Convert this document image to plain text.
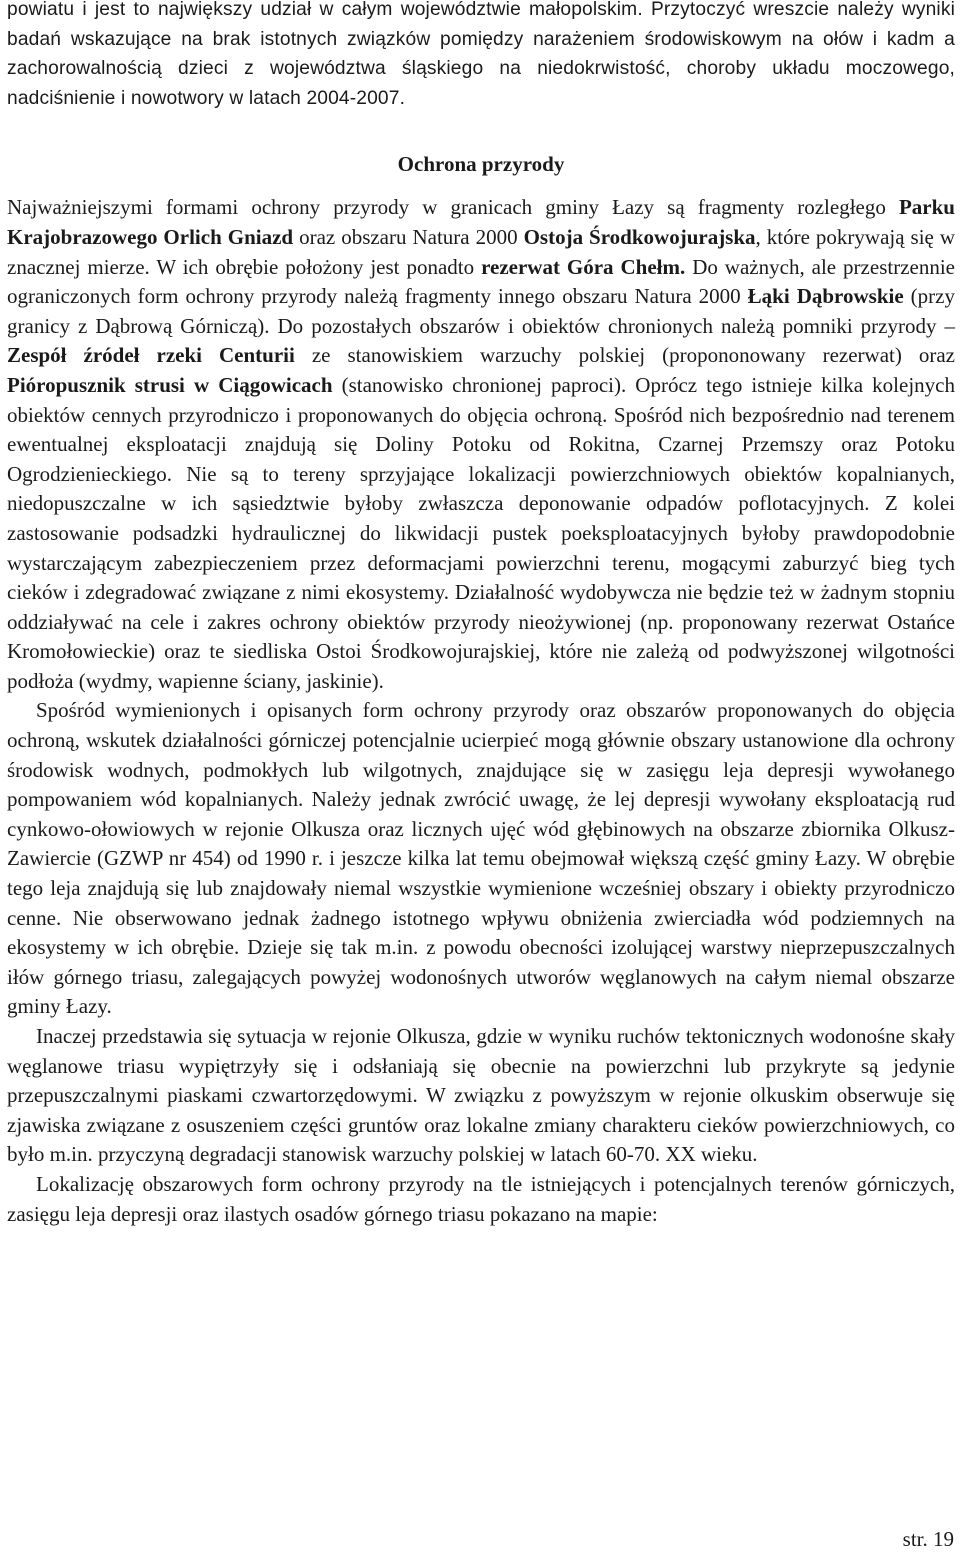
powiatu i jest to największy udział w całym województwie małopolskim. Przytoczyć wreszcie należy wyniki badań wskazujące na brak istotnych związków pomiędzy narażeniem środowiskowym na ołów i kadm a zachorowalnością dzieci z województwa śląskiego na niedokrwistość, choroby układu moczowego, nadciśnienie i nowotwory w latach 2004-2007.

Ochrona przyrody

Najważniejszymi formami ochrony przyrody w granicach gminy Łazy są fragmenty rozległego Parku Krajobrazowego Orlich Gniazd oraz obszaru Natura 2000 Ostoja Środkowojurajska, które pokrywają się w znacznej mierze. W ich obrębie położony jest ponadto rezerwat Góra Chełm. Do ważnych, ale przestrzennie ograniczonych form ochrony przyrody należą fragmenty innego obszaru Natura 2000 Łąki Dąbrowskie (przy granicy z Dąbrową Górniczą). Do pozostałych obszarów i obiektów chronionych należą pomniki przyrody – Zespół źródeł rzeki Centurii ze stanowiskiem warzuchy polskiej (propononowany rezerwat) oraz Pióropusznik strusi w Ciągowicach (stanowisko chronionej paproci). Oprócz tego istnieje kilka kolejnych obiektów cennych przyrodniczo i proponowanych do objęcia ochroną. Spośród nich bezpośrednio nad terenem ewentualnej eksploatacji znajdują się Doliny Potoku od Rokitna, Czarnej Przemszy oraz Potoku Ogrodzienieckiego. Nie są to tereny sprzyjające lokalizacji powierzchniowych obiektów kopalnianych, niedopuszczalne w ich sąsiedztwie byłoby zwłaszcza deponowanie odpadów poflotacyjnych. Z kolei zastosowanie podsadzki hydraulicznej do likwidacji pustek poeksploatacyjnych byłoby prawdopodobnie wystarczającym zabezpieczeniem przez deformacjami powierzchni terenu, mogącymi zaburzyć bieg tych cieków i zdegradować związane z nimi ekosystemy. Działalność wydobywcza nie będzie też w żadnym stopniu oddziaływać na cele i zakres ochrony obiektów przyrody nieożywionej (np. proponowany rezerwat Ostańce Kromołowieckie) oraz te siedliska Ostoi Środkowojurajskiej, które nie zależą od podwyższonej wilgotności podłoża (wydmy, wapienne ściany, jaskinie).

Spośród wymienionych i opisanych form ochrony przyrody oraz obszarów proponowanych do objęcia ochroną, wskutek działalności górniczej potencjalnie ucierpieć mogą głównie obszary ustanowione dla ochrony środowisk wodnych, podmokłych lub wilgotnych, znajdujące się w zasięgu leja depresji wywołanego pompowaniem wód kopalnianych. Należy jednak zwrócić uwagę, że lej depresji wywołany eksploatacją rud cynkowo-ołowiowych w rejonie Olkusza oraz licznych ujęć wód głębinowych na obszarze zbiornika Olkusz-Zawiercie (GZWP nr 454) od 1990 r. i jeszcze kilka lat temu obejmował większą część gminy Łazy. W obrębie tego leja znajdują się lub znajdowały niemal wszystkie wymienione wcześniej obszary i obiekty przyrodniczo cenne. Nie obserwowano jednak żadnego istotnego wpływu obniżenia zwierciadła wód podziemnych na ekosystemy w ich obrębie. Dzieje się tak m.in. z powodu obecności izolującej warstwy nieprzepuszczalnych iłów górnego triasu, zalegających powyżej wodonośnych utworów węglanowych na całym niemal obszarze gminy Łazy.

Inaczej przedstawia się sytuacja w rejonie Olkusza, gdzie w wyniku ruchów tektonicznych wodonośne skały węglanowe triasu wypiętrzyły się i odsłaniają się obecnie na powierzchni lub przykryte są jedynie przepuszczalnymi piaskami czwartorzędowymi. W związku z powyższym w rejonie olkuskim obserwuje się zjawiska związane z osuszeniem części gruntów oraz lokalne zmiany charakteru cieków powierzchniowych, co było m.in. przyczyną degradacji stanowisk warzuchy polskiej w latach 60-70. XX wieku.

Lokalizację obszarowych form ochrony przyrody na tle istniejących i potencjalnych terenów górniczych, zasięgu leja depresji oraz ilastych osadów górnego triasu pokazano na mapie:

str. 19
